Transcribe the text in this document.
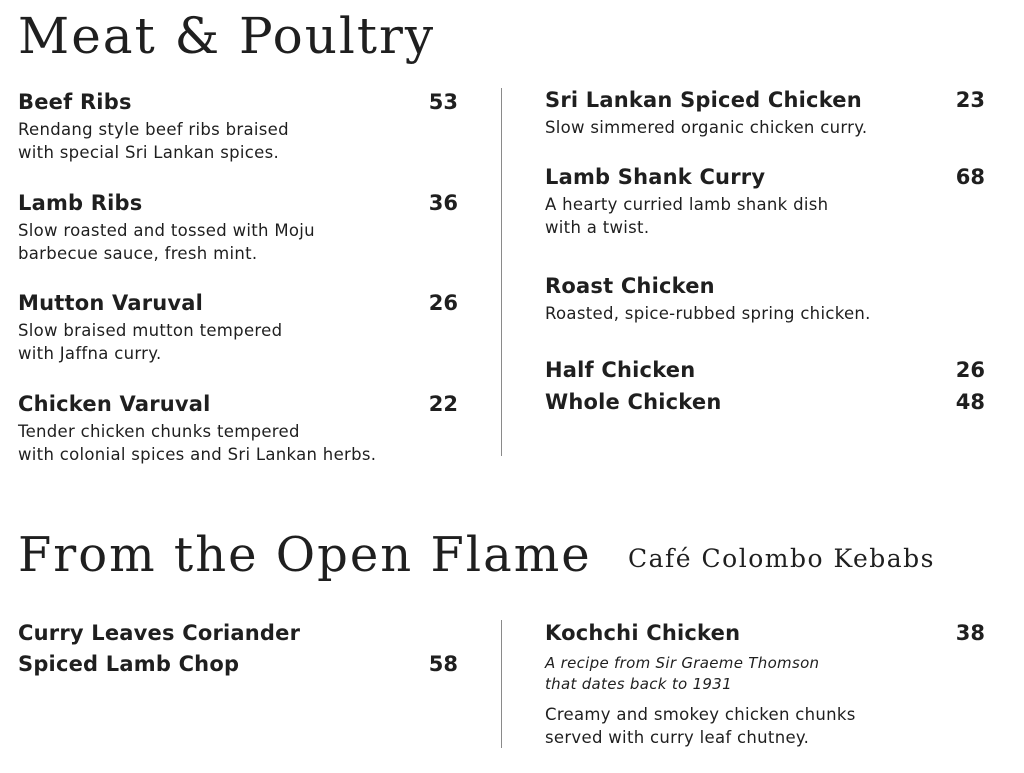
Meat & Poultry
Beef Ribs	53
Rendang style beef ribs braised
with special Sri Lankan spices.
Lamb Ribs	36
Slow roasted and tossed with Moju
barbecue sauce, fresh mint.
Mutton Varuval	26
Slow braised mutton tempered
with Jaffna curry.
Chicken Varuval	22
Tender chicken chunks tempered
with colonial spices and Sri Lankan herbs.
Sri Lankan Spiced Chicken	23
Slow simmered organic chicken curry.
Lamb Shank Curry	68
A hearty curried lamb shank dish
with a twist.
Roast Chicken
Roasted, spice-rubbed spring chicken.
Half Chicken	26
Whole Chicken	48
From the Open Flame Café Colombo Kebabs
Curry Leaves Coriander
Spiced Lamb Chop	58
Kochchi Chicken	38
A recipe from Sir Graeme Thomson
that dates back to 1931
Creamy and smokey chicken chunks
served with curry leaf chutney.
